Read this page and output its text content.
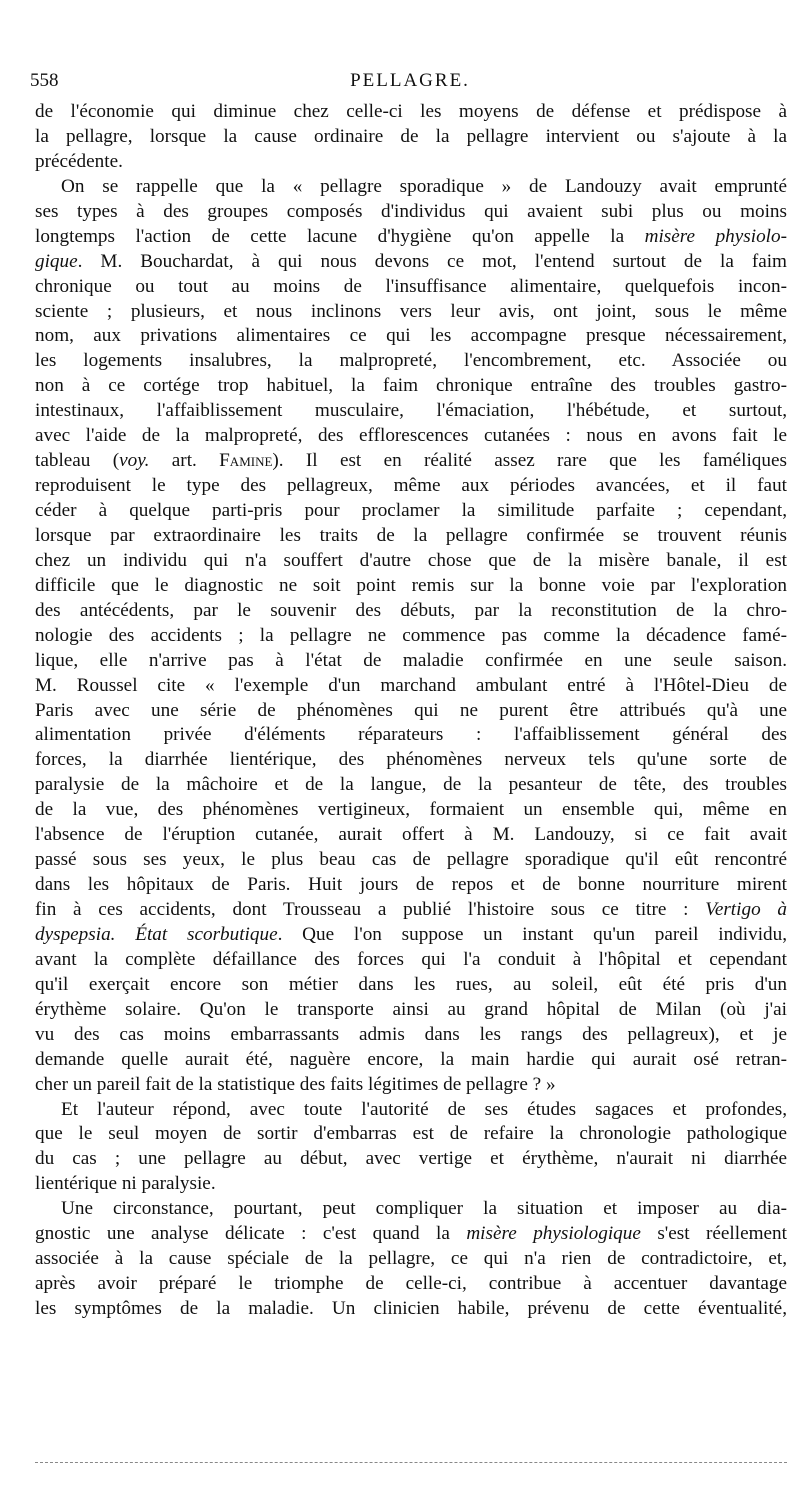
558	PELLAGRE.
de l'économie qui diminue chez celle-ci les moyens de défense et prédispose à
la pellagre, lorsque la cause ordinaire de la pellagre intervient ou s'ajoute à la
précédente.
On se rappelle que la « pellagre sporadique » de Landouzy avait emprunté
ses types à des groupes composés d'individus qui avaient subi plus ou moins
longtemps l'action de cette lacune d'hygiène qu'on appelle la misère physiolo-
gique. M. Bouchardat, à qui nous devons ce mot, l'entend surtout de la faim
chronique ou tout au moins de l'insuffisance alimentaire, quelquefois incon-
sciente ; plusieurs, et nous inclinons vers leur avis, ont joint, sous le même
nom, aux privations alimentaires ce qui les accompagne presque nécessairement,
les logements insalubres, la malpropreté, l'encombrement, etc. Associée ou
non à ce cortége trop habituel, la faim chronique entraîne des troubles gastro-
intestinaux, l'affaiblissement musculaire, l'émaciation, l'hébétude, et surtout,
avec l'aide de la malpropreté, des efflorescences cutanées : nous en avons fait le
tableau (voy. art. Famine). Il est en réalité assez rare que les faméliques
reproduisent le type des pellagreux, même aux périodes avancées, et il faut
céder à quelque parti-pris pour proclamer la similitude parfaite ; cependant,
lorsque par extraordinaire les traits de la pellagre confirmée se trouvent réunis
chez un individu qui n'a souffert d'autre chose que de la misère banale, il est
difficile que le diagnostic ne soit point remis sur la bonne voie par l'exploration
des antécédents, par le souvenir des débuts, par la reconstitution de la chro-
nologie des accidents ; la pellagre ne commence pas comme la décadence famé-
lique, elle n'arrive pas à l'état de maladie confirmée en une seule saison.
M. Roussel cite « l'exemple d'un marchand ambulant entré à l'Hôtel-Dieu de
Paris avec une série de phénomènes qui ne purent être attribués qu'à une
alimentation privée d'éléments réparateurs : l'affaiblissement général des
forces, la diarrhée lientérique, des phénomènes nerveux tels qu'une sorte de
paralysie de la mâchoire et de la langue, de la pesanteur de tête, des troubles
de la vue, des phénomènes vertigineux, formaient un ensemble qui, même en
l'absence de l'éruption cutanée, aurait offert à M. Landouzy, si ce fait avait
passé sous ses yeux, le plus beau cas de pellagre sporadique qu'il eût rencontré
dans les hôpitaux de Paris. Huit jours de repos et de bonne nourriture mirent
fin à ces accidents, dont Trousseau a publié l'histoire sous ce titre : Vertigo à
dyspepsia. État scorbutique. Que l'on suppose un instant qu'un pareil individu,
avant la complète défaillance des forces qui l'a conduit à l'hôpital et cependant
qu'il exerçait encore son métier dans les rues, au soleil, eût été pris d'un
érythème solaire. Qu'on le transporte ainsi au grand hôpital de Milan (où j'ai
vu des cas moins embarrassants admis dans les rangs des pellagreux), et je
demande quelle aurait été, naguère encore, la main hardie qui aurait osé retran-
cher un pareil fait de la statistique des faits légitimes de pellagre ? »
Et l'auteur répond, avec toute l'autorité de ses études sagaces et profondes,
que le seul moyen de sortir d'embarras est de refaire la chronologie pathologique
du cas ; une pellagre au début, avec vertige et érythème, n'aurait ni diarrhée
lientérique ni paralysie.
Une circonstance, pourtant, peut compliquer la situation et imposer au dia-
gnostic une analyse délicate : c'est quand la misère physiologique s'est réellement
associée à la cause spéciale de la pellagre, ce qui n'a rien de contradictoire, et,
après avoir préparé le triomphe de celle-ci, contribue à accentuer davantage
les symptômes de la maladie. Un clinicien habile, prévenu de cette éventualité,
